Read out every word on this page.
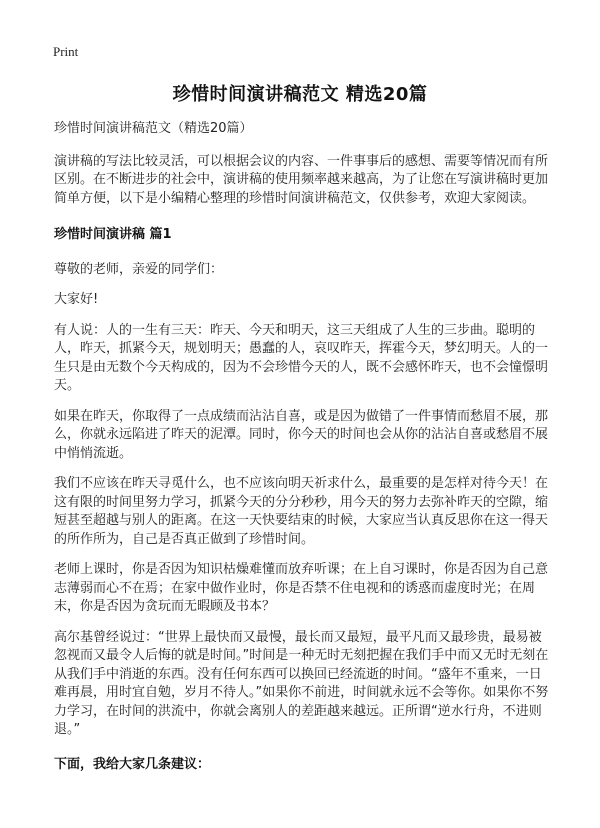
Print
珍惜时间演讲稿范文 精选20篇

珍惜时间演讲稿范文（精选20篇）

演讲稿的写法比较灵活，可以根据会议的内容、一件事事后的感想、需要等情况而有所区别。在不断进步的社会中，演讲稿的使用频率越来越高，为了让您在写演讲稿时更加简单方便，以下是小编精心整理的珍惜时间演讲稿范文，仅供参考，欢迎大家阅读。

珍惜时间演讲稿 篇1

尊敬的老师，亲爱的同学们：

大家好!

有人说：人的一生有三天：昨天、今天和明天，这三天组成了人生的三步曲。聪明的人，昨天，抓紧今天，规划明天；愚蠢的人，哀叹昨天，挥霍今天，梦幻明天。人的一生只是由无数个今天构成的，因为不会珍惜今天的人，既不会感怀昨天，也不会憧憬明天。

如果在昨天，你取得了一点成绩而沾沾自喜，或是因为做错了一件事情而愁眉不展，那么，你就永远陷进了昨天的泥潭。同时，你今天的时间也会从你的沾沾自喜或愁眉不展中悄悄流逝。

我们不应该在昨天寻觅什么，也不应该向明天祈求什么，最重要的是怎样对待今天！在这有限的时间里努力学习，抓紧今天的分分秒秒，用今天的努力去弥补昨天的空隙，缩短甚至超越与别人的距离。在这一天快要结束的时候，大家应当认真反思你在这一得天的所作所为，自己是否真正做到了珍惜时间。

老师上课时，你是否因为知识枯燥难懂而放弃听课；在上自习课时，你是否因为自己意志薄弱而心不在焉；在家中做作业时，你是否禁不住电视和的诱惑而虚度时光；在周末，你是否因为贪玩而无暇顾及书本？

高尔基曾经说过：“世界上最快而又最慢，最长而又最短，最平凡而又最珍贵，最易被忽视而又最令人后悔的就是时间。”时间是一种无时无刻把握在我们手中而又无时无刻在从我们手中消逝的东西。没有任何东西可以换回已经流逝的时间。“盛年不重来，一日难再晨，用时宜自勉，岁月不待人。”如果你不前进，时间就永远不会等你。如果你不努力学习，在时间的洪流中，你就会离别人的差距越来越远。正所谓“逆水行舟，不进则退。”

下面，我给大家几条建议：
